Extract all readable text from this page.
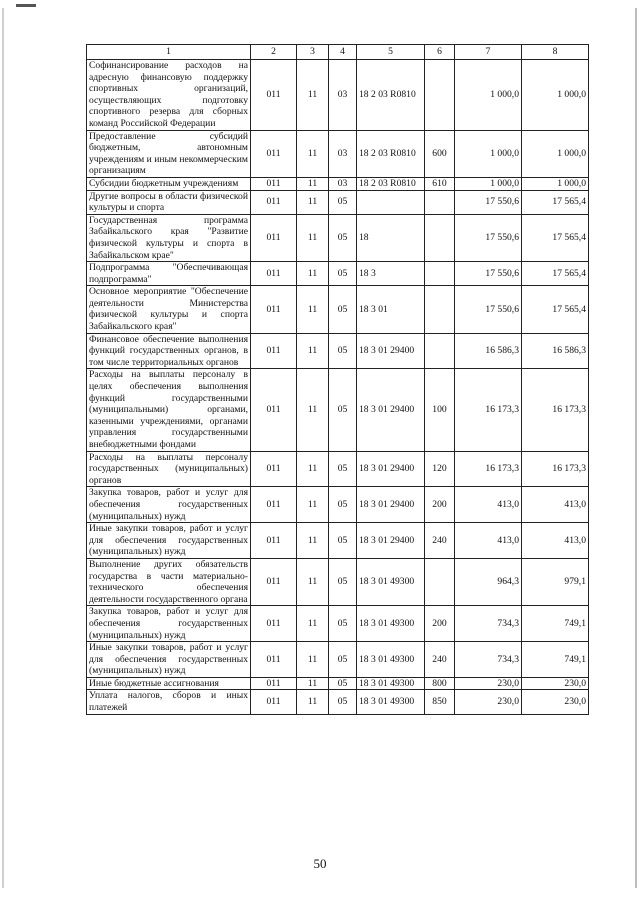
1	2	3	4	5	6	7	8
Софинансирование расходов на адресную финансовую поддержку спортивных организаций, осуществляющих подготовку спортивного резерва для сборных команд Российской Федерации	011	11	03	18 2 03 R0810		1 000,0	1 000,0
Предоставление субсидий бюджетным, автономным учреждениям и иным некоммерческим организациям	011	11	03	18 2 03 R0810	600	1 000,0	1 000,0
Субсидии бюджетным учреждениям	011	11	03	18 2 03 R0810	610	1 000,0	1 000,0
Другие вопросы в области физической культуры и спорта	011	11	05			17 550,6	17 565,4
Государственная программа Забайкальского края "Развитие физической культуры и спорта в Забайкальском крае"	011	11	05	18		17 550,6	17 565,4
Подпрограмма "Обеспечивающая подпрограмма"	011	11	05	18 3		17 550,6	17 565,4
Основное мероприятие "Обеспечение деятельности Министерства физической культуры и спорта Забайкальского края"	011	11	05	18 3 01		17 550,6	17 565,4
Финансовое обеспечение выполнения функций государственных органов, в том числе территориальных органов	011	11	05	18 3 01 29400		16 586,3	16 586,3
Расходы на выплаты персоналу в целях обеспечения выполнения функций государственными (муниципальными) органами, казенными учреждениями, органами управления государственными внебюджетными фондами	011	11	05	18 3 01 29400	100	16 173,3	16 173,3
Расходы на выплаты персоналу государственных (муниципальных) органов	011	11	05	18 3 01 29400	120	16 173,3	16 173,3
Закупка товаров, работ и услуг для обеспечения государственных (муниципальных) нужд	011	11	05	18 3 01 29400	200	413,0	413,0
Иные закупки товаров, работ и услуг для обеспечения государственных (муниципальных) нужд	011	11	05	18 3 01 29400	240	413,0	413,0
Выполнение других обязательств государства в части материально-технического обеспечения деятельности государственного органа	011	11	05	18 3 01 49300		964,3	979,1
Закупка товаров, работ и услуг для обеспечения государственных (муниципальных) нужд	011	11	05	18 3 01 49300	200	734,3	749,1
Иные закупки товаров, работ и услуг для обеспечения государственных (муниципальных) нужд	011	11	05	18 3 01 49300	240	734,3	749,1
Иные бюджетные ассигнования	011	11	05	18 3 01 49300	800	230,0	230,0
Уплата налогов, сборов и иных платежей	011	11	05	18 3 01 49300	850	230,0	230,0
50
